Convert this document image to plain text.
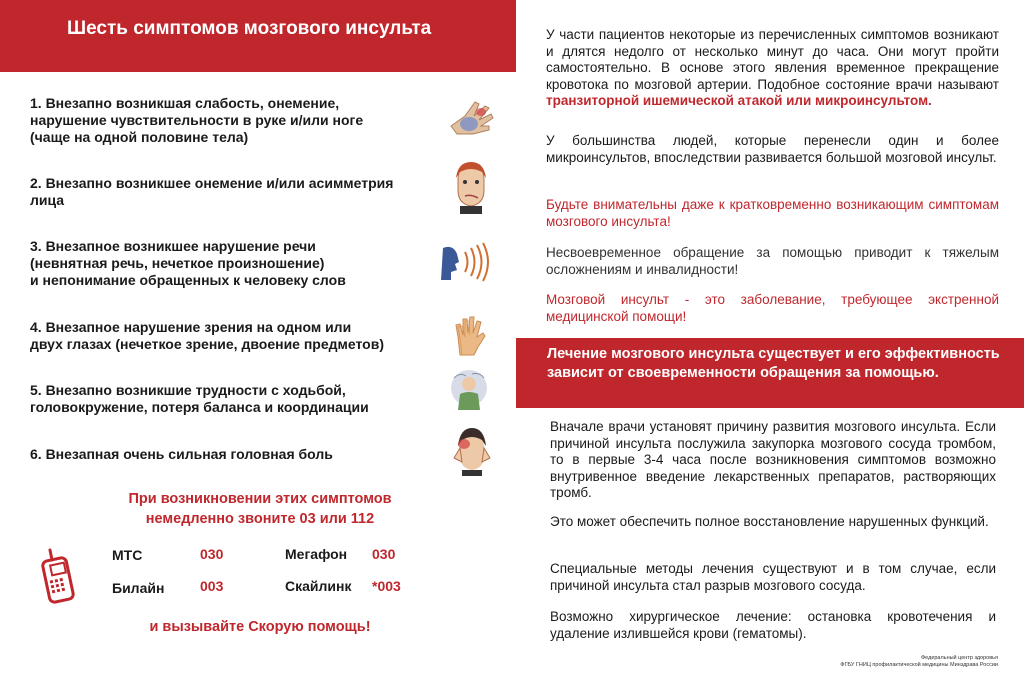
Шесть симптомов мозгового инсульта
1. Внезапно возникшая слабость, онемение,
нарушение чувствительности в руке и/или ноге
(чаще на одной половине тела)
2. Внезапно возникшее онемение и/или асимметрия
лица
3. Внезапное возникшее нарушение речи
(невнятная речь, нечеткое произношение)
и непонимание обращенных к человеку слов
4. Внезапное нарушение зрения на одном или
двух глазах (нечеткое зрение, двоение предметов)
5. Внезапно возникшие трудности с ходьбой,
головокружение, потеря баланса и координации
6. Внезапная очень сильная головная боль
При возникновении этих симптомов
немедленно звоните 03 или 112
МТС	030	Мегафон 030
Билайн	003	Скайлинк *003
и вызывайте Скорую помощь!

У части пациентов некоторые из перечисленных симптомов возникают и длятся недолго от несколько минут до часа. Они могут пройти самостоятельно. В основе этого явления временное прекращение кровотока по мозговой артерии. Подобное состояние врачи называют транзиторной ишемической атакой или микроинсультом.

У большинства людей, которые перенесли один и более микроинсультов, впоследствии развивается большой мозговой инсульт.
Будьте внимательны даже к кратковременно возникающим симптомам мозгового инсульта!
Несвоевременное обращение за помощью приводит к тяжелым осложнениям и инвалидности!
Мозговой инсульт - это заболевание, требующее экстренной медицинской помощи!
Лечение мозгового инсульта существует и его эффективность зависит от своевременности обращения за помощью.
Вначале врачи установят причину развития мозгового инсульта. Если причиной инсульта послужила закупорка мозгового сосуда тромбом, то в первые 3-4 часа после возникновения симптомов возможно внутривенное введение лекарственных препаратов, растворяющих тромб.
Это может обеспечить полное восстановление нарушенных функций.
Специальные методы лечения существуют и в том случае, если причиной инсульта стал разрыв мозгового сосуда.
Возможно хирургическое лечение: остановка кровотечения и удаление излившейся крови (гематомы).
Федеральный центр здоровья
ФГБУ ГНИЦ профилактической медицины Минздрава России
